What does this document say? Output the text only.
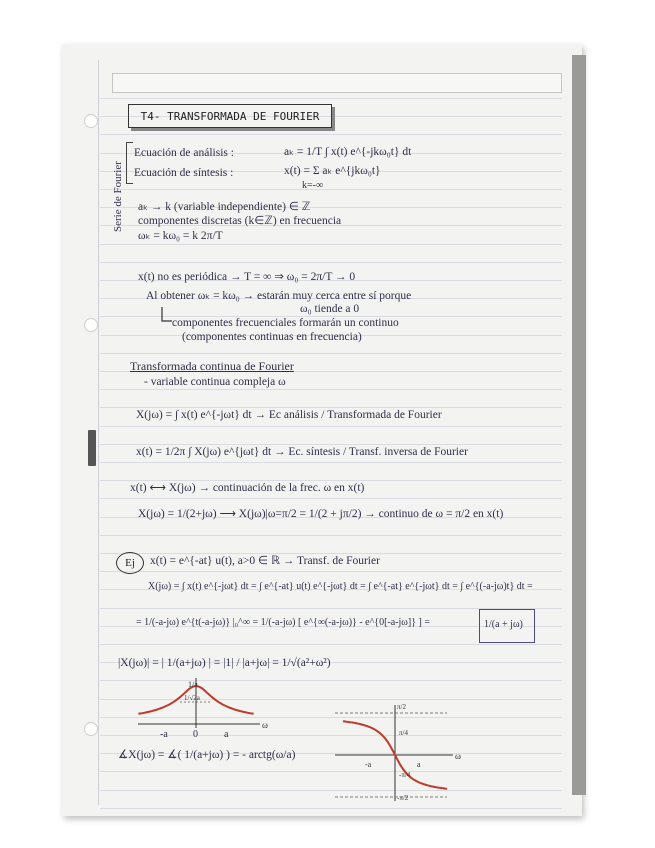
T4- TRANSFORMADA DE FOURIER
Serie de Fourier
Ecuación de análisis :	aₖ = 1/T ∫ x(t) e^{-jkω₀t} dt
Ecuación de síntesis :	x(t) = Σ aₖ e^{jkω₀t}
k=-∞
aₖ → k (variable independiente) ∈ ℤ
componentes discretas (k∈ℤ) en frecuencia
ωₖ = kω₀ = k 2π/T
x(t) no es periódica → T = ∞ ⇒ ω₀ = 2π/T → 0
Al obtener ωₖ = kω₀ → estarán muy cerca entre sí porque
ω₀ tiende a 0
componentes frecuenciales formarán un continuo
(componentes continuas en frecuencia)
Transformada continua de Fourier
- variable continua compleja ω
X(jω) = ∫ x(t) e^{-jωt} dt → Ec análisis / Transformada de Fourier
x(t) = 1/2π ∫ X(jω) e^{jωt} dt → Ec. síntesis / Transf. inversa de Fourier
x(t) ⟷ X(jω) → continuación de la frec. ω en x(t)
X(jω) = 1/(2+jω) ⟶ X(jω)|ω=π/2 = 1/(2 + jπ/2) → continuo de ω = π/2 en x(t)
Ej	x(t) = e^{-at} u(t), a>0 ∈ ℝ → Transf. de Fourier
X(jω) = ∫ x(t) e^{-jωt} dt = ∫ e^{-at} u(t) e^{-jωt} dt = ∫ e^{-at} e^{-jωt} dt = ∫ e^{(-a-jω)t} dt =
= 1/(-a-jω) e^{t(-a-jω)} |₀^∞ = 1/(-a-jω) [ e^{∞(-a-jω)} - e^{0[-a-jω]} ] =	1/(a + jω)
|X(jω)| = | 1/(a+jω) | = |1| / |a+jω| = 1/√(a²+ω²)
∡X(jω) = ∡( 1/(a+jω) ) = - arctg(ω/a)
1/a
1/√2a
ω
-a	0	a
π/2
π/4
-π/4
-π/2
-a	a
ω
